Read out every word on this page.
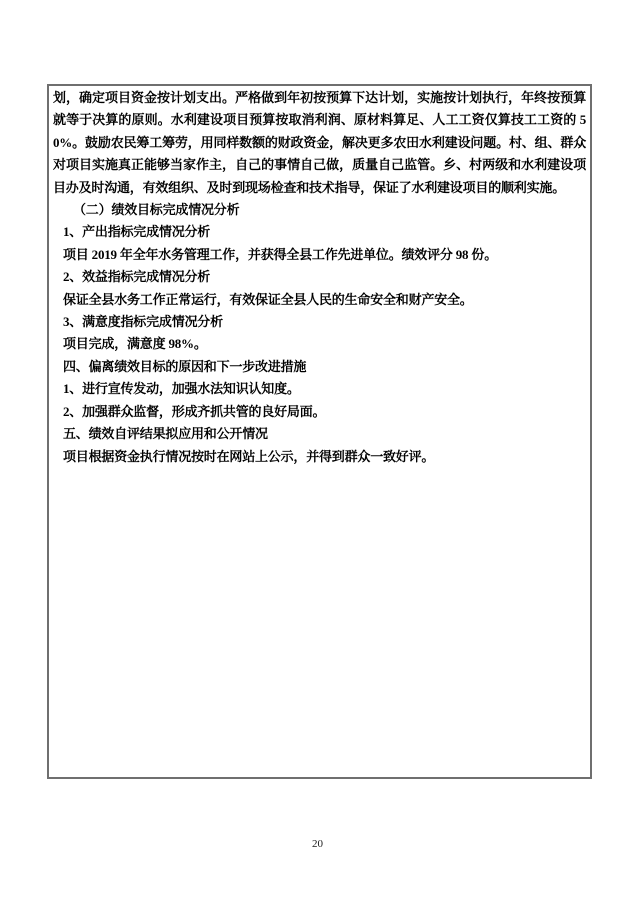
划，确定项目资金按计划支出。严格做到年初按预算下达计划，实施按计划执行，年终按预算就等于决算的原则。水利建设项目预算按取消利润、原材料算足、人工工资仅算技工工资的 50%。鼓励农民筹工筹劳，用同样数额的财政资金，解决更多农田水利建设问题。村、组、群众对项目实施真正能够当家作主，自己的事情自己做，质量自己监管。乡、村两级和水利建设项目办及时沟通，有效组织、及时到现场检查和技术指导，保证了水利建设项目的顺利实施。

（二）绩效目标完成情况分析

1、产出指标完成情况分析

项目 2019 年全年水务管理工作，并获得全县工作先进单位。绩效评分 98 份。

2、效益指标完成情况分析

保证全县水务工作正常运行，有效保证全县人民的生命安全和财产安全。

3、满意度指标完成情况分析

项目完成，满意度 98%。

四、偏离绩效目标的原因和下一步改进措施

1、进行宣传发动，加强水法知识认知度。

2、加强群众监督，形成齐抓共管的良好局面。

五、绩效自评结果拟应用和公开情况

项目根据资金执行情况按时在网站上公示，并得到群众一致好评。

20
